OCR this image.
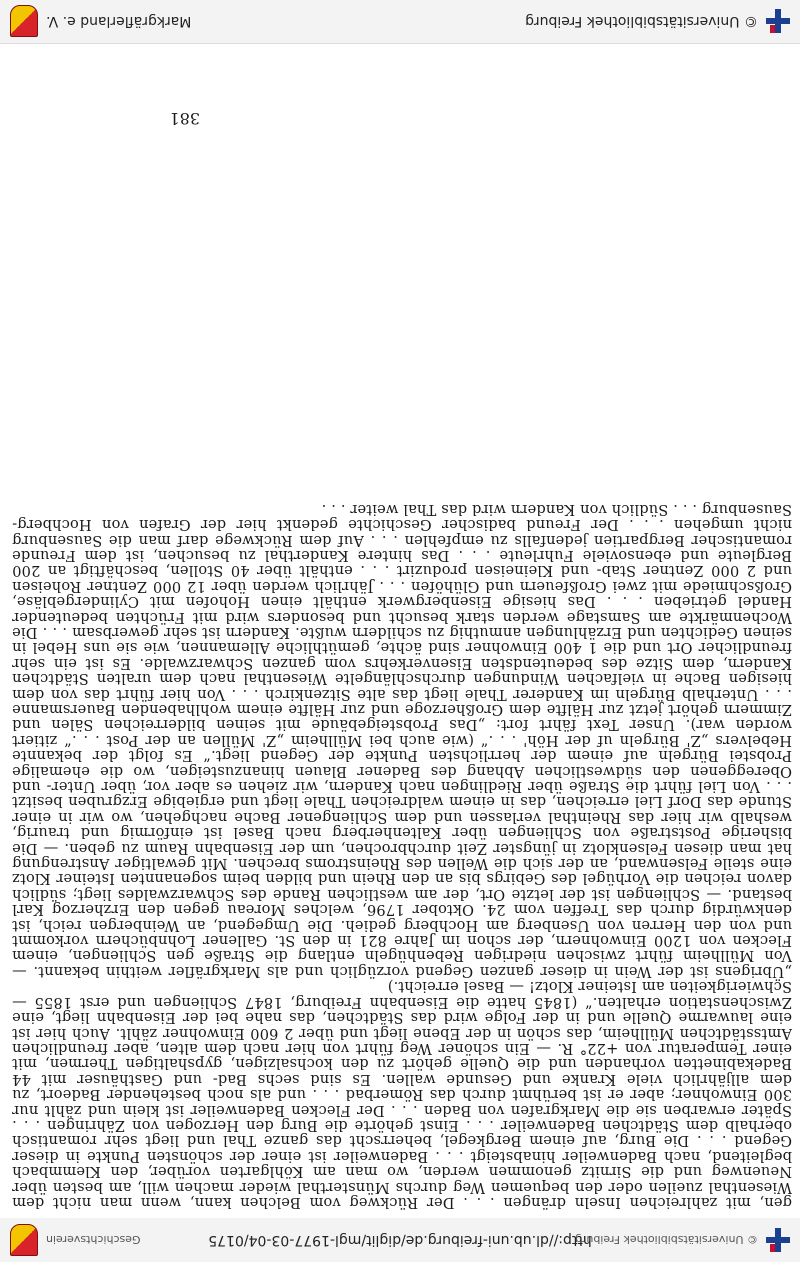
© Universitätsbibliothek Freiburg
http://dl.ub.uni-freiburg.de/diglit/mgl-1977-03-04/0175
Geschichtsverein
gen, mit zahlreichen Inseln drängen . . . Der Rückweg vom Belchen kann, wenn man nicht dem Wiesenthal zueilen oder den bequemen Weg durchs Münsterthal wieder machen will, am besten über Neuenweg und die Sirnitz genommen werden, wo man am Köhlgarten vorüber, den Klemmbach begleitend, nach Badenweiler hinabsteigt . . . Badenweiler ist einer der schönsten Punkte in dieser Gegend . . . Die Burg, auf einem Bergkegel, beherrscht das ganze Thal und liegt sehr romantisch oberhalb dem Städtchen Badenweiler . . . Einst gehörte die Burg den Herzogen von Zähringen . . . Später erwarben sie die Markgrafen von Baden . . . Der Flecken Badenweiler ist klein und zählt nur 300 Einwohner; aber er ist berühmt durch das Römerbad . . . und als noch bestehender Badeort, zu dem alljährlich viele Kranke und Gesunde wallen. Es sind sechs Bad- und Gasthäuser mit 44 Badekabinetten vorhanden und die Quelle gehört zu den kochsalzigen, gypshaltigen Thermen, mit einer Temperatur von +22° R. — Ein schöner Weg führt von hier nach dem alten, aber freundlichen Amtsstädtchen Müllheim, das schön in der Ebene liegt und über 2 600 Einwohner zählt. Auch hier ist eine lauwarme Quelle und in der Folge wird das Städtchen, das nahe bei der Eisenbahn liegt, eine Zwischenstation erhalten.“ (1845 hatte die Eisenbahn Freiburg, 1847 Schliengen und erst 1855 — Schwierigkeiten am Isteiner Klotz! — Basel erreicht.)
„Übrigens ist der Wein in dieser ganzen Gegend vorzüglich und als Markgräfler weithin bekannt. — Von Müllheim führt zwischen niedrigen Rebenhügeln entlang die Straße gen Schliengen, einem Flecken von 1200 Einwohnern, der schon im Jahre 821 in den St. Gallener Lohnbüchern vorkommt und von den Herren von Usenberg am Hochberg gedieh. Die Umgegend, an Weinbergen reich, ist denkwürdig durch das Treffen vom 24. Oktober 1796, welches Moreau gegen den Erzherzog Karl bestand. — Schliengen ist der letzte Ort, der am westlichen Rande des Schwarzwaldes liegt; südlich davon reichen die Vorhügel des Gebirgs bis an den Rhein und bilden beim sogenannten Isteiner Klotz eine steile Felsenwand, an der sich die Wellen des Rheinstroms brechen. Mit gewaltiger Anstrengung hat man diesen Felsenklotz in jüngster Zeit durchbrochen, um der Eisenbahn Raum zu geben. — Die bisherige Poststraße von Schliengen über Kaltenherberg nach Basel ist einförmig und traurig, weshalb wir hier das Rheinthal verlassen und dem Schliengener Bache nachgehen, wo wir in einer Stunde das Dorf Liel erreichen, das in einem waldreichen Thale liegt und ergiebige Erzgruben besitzt . . . Von Liel führt die Straße über Riedlingen nach Kandern, wir ziehen es aber vor, über Unter- und Obereggenen den südwestlichen Abhang des Badener Blauen hinanzusteigen, wo die ehemalige Probstei Bürgeln auf einem der herrlichsten Punkte der Gegend liegt.“ Es folgt der bekannte Hebelvers „Z' Bürgeln uf der Höh' . . .“ (wie auch bei Müllheim „Z' Müllen an der Post . . .“ zitiert worden war). Unser Text fährt fort: „Das Probsteigebäude mit seinen bilderreichen Sälen und Zimmern gehört jetzt zur Hälfte dem Großherzoge und zur Hälfte einem wohlhabenden Bauersmanne . . . Unterhalb Bürgeln im Kanderer Thale liegt das alte Sitzenkirch . . . Von hier führt das von dem hiesigen Bache in vielfachen Windungen durchschlängelte Wiesenthal nach dem uralten Städtchen Kandern, dem Sitze des bedeutendsten Eisenverkehrs vom ganzen Schwarzwalde. Es ist ein sehr freundlicher Ort und die 1 400 Einwohner sind ächte, gemüthliche Allemannen, wie sie uns Hebel in seinen Gedichten und Erzählungen anmuthig zu schildern wußte. Kandern ist sehr gewerbsam . . . Die Wochenmärkte am Samstage werden stark besucht und besonders wird mit Früchten bedeutender Handel getrieben . . . Das hiesige Eisenbergwerk enthält einen Hohofen mit Cylindergebläse, Großschmiede mit zwei Großfeuern und Glühöfen . . . Jährlich werden über 12 000 Zentner Roheisen und 2 000 Zentner Stab- und Kleineisen produzirt . . . enthält über 40 Stollen, beschäftigt an 200 Bergleute und ebensoviele Fuhrleute . . . Das hintere Kanderthal zu besuchen, ist dem Freunde romantischer Bergpartien jedenfalls zu empfehlen . . . Auf dem Rückwege darf man die Sausenburg nicht umgehen . . . Der Freund badischer Geschichte gedenkt hier der Grafen von Hochberg-Sausenburg . . . Südlich von Kandern wird das Thal weiter . . .
381
© Universitätsbibliothek Freiburg
Markgräflerland e. V.
